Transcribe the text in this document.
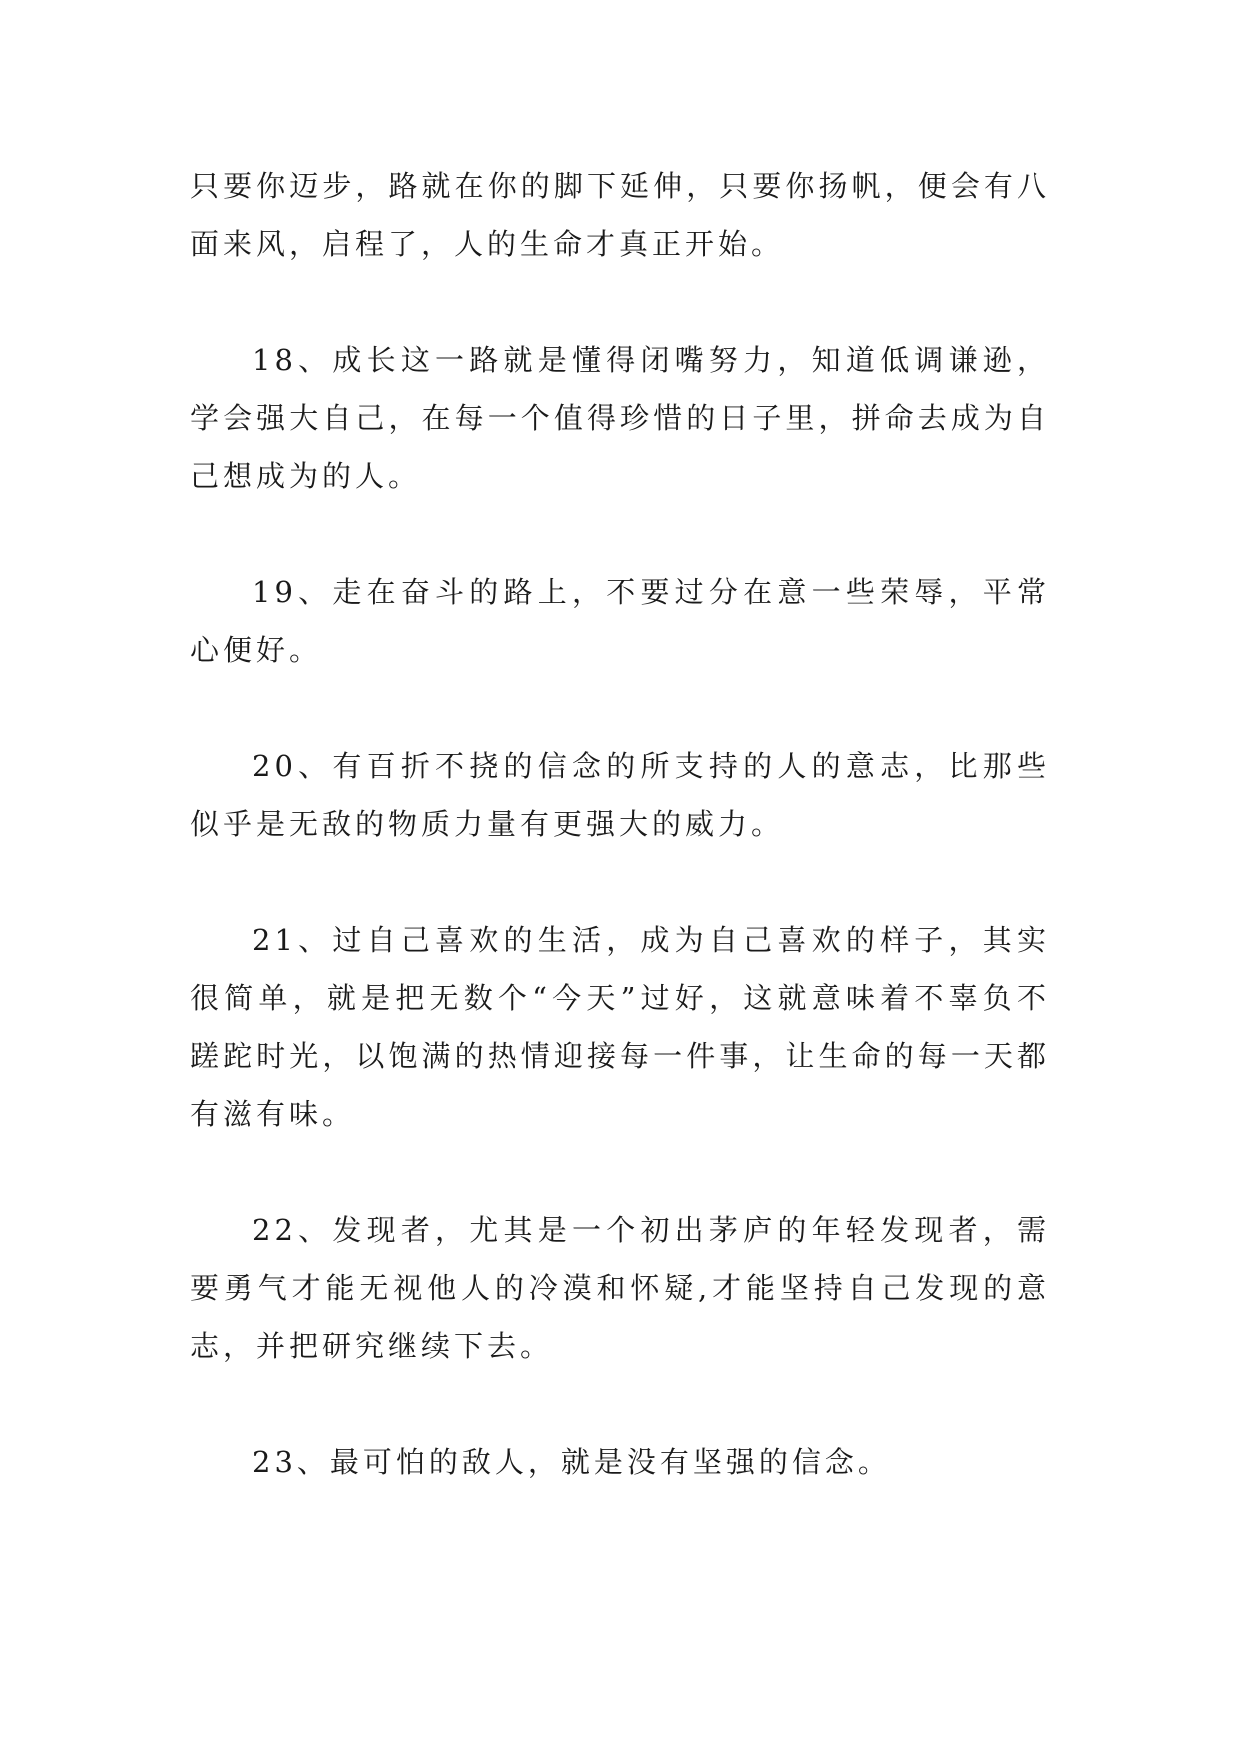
只要你迈步，路就在你的脚下延伸，只要你扬帆，便会有八面来风，启程了，人的生命才真正开始。

18、成长这一路就是懂得闭嘴努力，知道低调谦逊，学会强大自己，在每一个值得珍惜的日子里，拼命去成为自己想成为的人。

19、走在奋斗的路上，不要过分在意一些荣辱，平常心便好。

20、有百折不挠的信念的所支持的人的意志，比那些似乎是无敌的物质力量有更强大的威力。

21、过自己喜欢的生活，成为自己喜欢的样子，其实很简单，就是把无数个“今天”过好，这就意味着不辜负不蹉跎时光，以饱满的热情迎接每一件事，让生命的每一天都有滋有味。

22、发现者，尤其是一个初出茅庐的年轻发现者，需要勇气才能无视他人的冷漠和怀疑,才能坚持自己发现的意志，并把研究继续下去。

23、最可怕的敌人，就是没有坚强的信念。
